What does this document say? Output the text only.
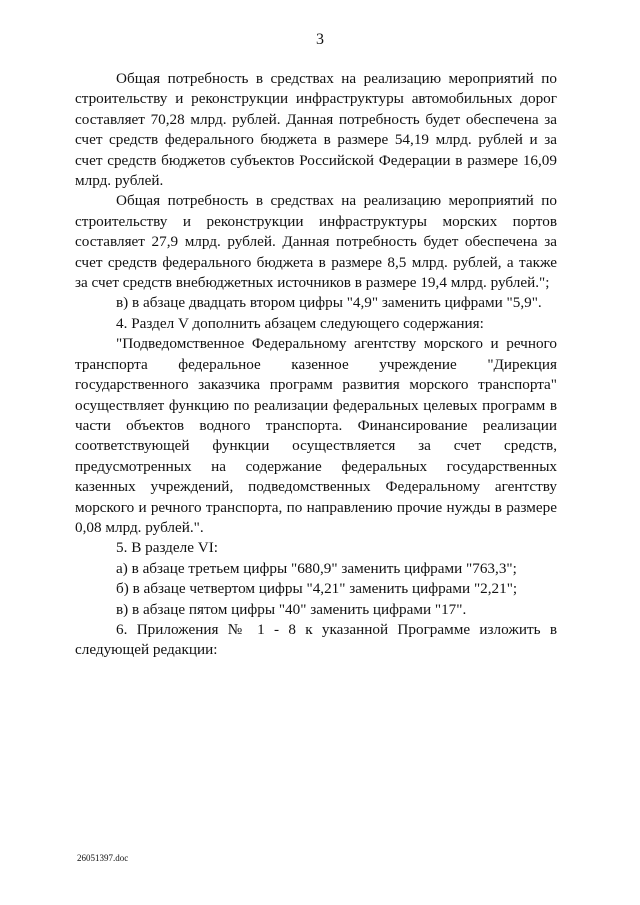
3

Общая потребность в средствах на реализацию мероприятий по строительству и реконструкции инфраструктуры автомобильных дорог составляет 70,28 млрд. рублей. Данная потребность будет обеспечена за счет средств федерального бюджета в размере 54,19 млрд. рублей и за счет средств бюджетов субъектов Российской Федерации в размере 16,09 млрд. рублей.

Общая потребность в средствах на реализацию мероприятий по строительству и реконструкции инфраструктуры морских портов составляет 27,9 млрд. рублей. Данная потребность будет обеспечена за счет средств федерального бюджета в размере 8,5 млрд. рублей, а также за счет средств внебюджетных источников в размере 19,4 млрд. рублей.";

в) в абзаце двадцать втором цифры "4,9" заменить цифрами "5,9".

4. Раздел V дополнить абзацем следующего содержания:

"Подведомственное Федеральному агентству морского и речного транспорта федеральное казенное учреждение "Дирекция государственного заказчика программ развития морского транспорта" осуществляет функцию по реализации федеральных целевых программ в части объектов водного транспорта. Финансирование реализации соответствующей функции осуществляется за счет средств, предусмотренных на содержание федеральных государственных казенных учреждений, подведомственных Федеральному агентству морского и речного транспорта, по направлению прочие нужды в размере 0,08 млрд. рублей.".

5. В разделе VI:

а) в абзаце третьем цифры "680,9" заменить цифрами "763,3";

б) в абзаце четвертом цифры "4,21" заменить цифрами "2,21";

в) в абзаце пятом цифры "40" заменить цифрами "17".

6. Приложения № 1 - 8 к указанной Программе изложить в следующей редакции:

26051397.doc
